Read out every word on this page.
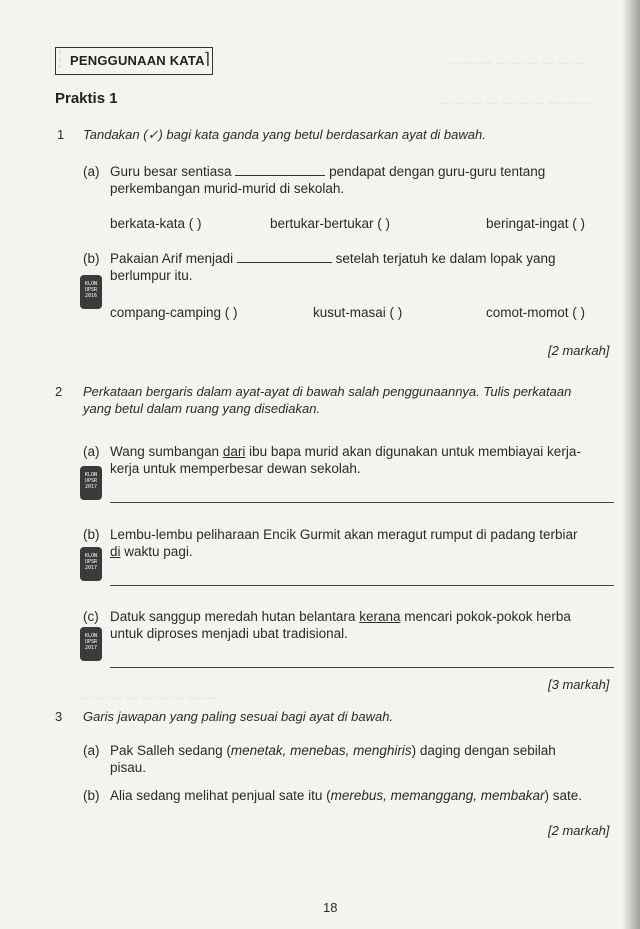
— — — — — — — — —
— — — — — — — — — —
— — — — — — — — —
⁝
⁝
⁝ PENGGUNAAN KATA ⌉
Praktis 1
1 Tandakan (✓) bagi kata ganda yang betul berdasarkan ayat di bawah.
(a) Guru besar sentiasa	pendapat dengan guru-guru tentang
perkembangan murid-murid di sekolah.
berkata-kata ( )	bertukar-bertukar ( )	beringat-ingat ( )
(b) Pakaian Arif menjadi	setelah terjatuh ke dalam lopak yang
berlumpur itu.
KLON
UPSR
2016
compang-camping ( )	kusut-masai ( )	comot-momot ( )
[2 markah]
2 Perkataan bergaris dalam ayat-ayat di bawah salah penggunaannya. Tulis perkataan
yang betul dalam ruang yang disediakan.
(a) Wang sumbangan dari ibu bapa murid akan digunakan untuk membiayai kerja-
kerja untuk memperbesar dewan sekolah.
KLON
UPSR
2017
(b) Lembu-lembu peliharaan Encik Gurmit akan meragut rumput di padang terbiar
di waktu pagi.
KLON
UPSR
2017
(c) Datuk sanggup meredah hutan belantara kerana mencari pokok-pokok herba
untuk diproses menjadi ubat tradisional.
KLON
UPSR
2017
[3 markah]
3 Garis jawapan yang paling sesuai bagi ayat di bawah.
(a) Pak Salleh sedang (menetak, menebas, menghiris) daging dengan sebilah
pisau.
(b) Alia sedang melihat penjual sate itu (merebus, memanggang, membakar) sate.
[2 markah]
18
